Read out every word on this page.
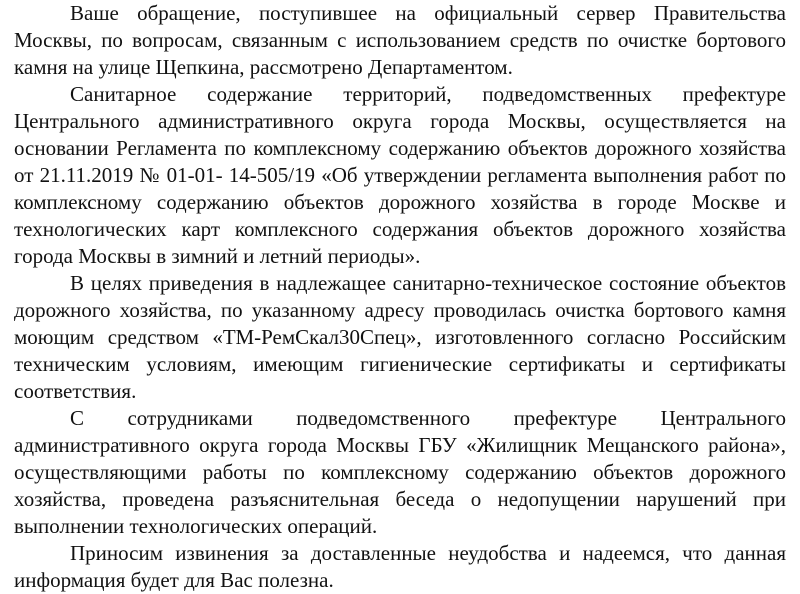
Ваше обращение, поступившее на официальный сервер Правительства Москвы, по вопросам, связанным с использованием средств по очистке бортового камня на улице Щепкина, рассмотрено Департаментом.

Санитарное содержание территорий, подведомственных префектуре Центрального административного округа города Москвы, осуществляется на основании Регламента по комплексному содержанию объектов дорожного хозяйства от 21.11.2019 № 01-01- 14-505/19 «Об утверждении регламента выполнения работ по комплексному содержанию объектов дорожного хозяйства в городе Москве и технологических карт комплексного содержания объектов дорожного хозяйства города Москвы в зимний и летний периоды».

В целях приведения в надлежащее санитарно-техническое состояние объектов дорожного хозяйства, по указанному адресу проводилась очистка бортового камня моющим средством «ТМ-РемСкал30Спец», изготовленного согласно Российским техническим условиям, имеющим гигиенические сертификаты и сертификаты соответствия.

С сотрудниками подведомственного префектуре Центрального административного округа города Москвы ГБУ «Жилищник Мещанского района», осуществляющими работы по комплексному содержанию объектов дорожного хозяйства, проведена разъяснительная беседа о недопущении нарушений при выполнении технологических операций.

Приносим извинения за доставленные неудобства и надеемся, что данная информация будет для Вас полезна.
